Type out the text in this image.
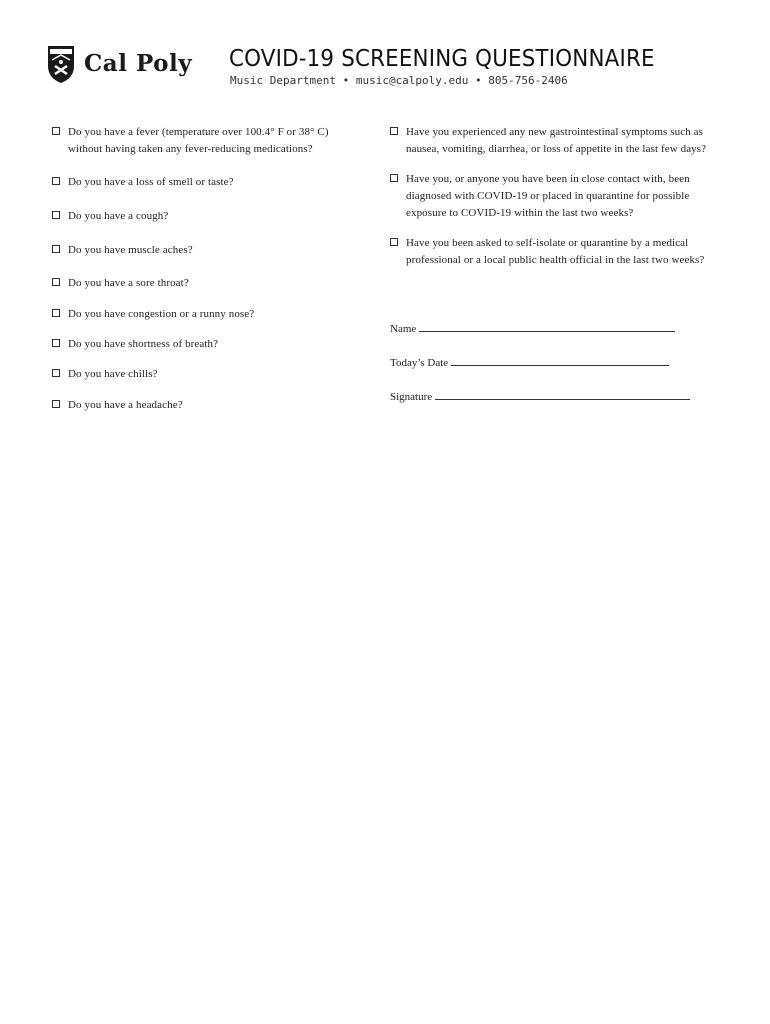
Cal Poly COVID-19 SCREENING QUESTIONNAIRE
Music Department • music@calpoly.edu • 805-756-2406
Do you have a fever (temperature over 100.4° F or 38° C) without having taken any fever-reducing medications?
Do you have a loss of smell or taste?
Do you have a cough?
Do you have muscle aches?
Do you have a sore throat?
Do you have congestion or a runny nose?
Do you have shortness of breath?
Do you have chills?
Do you have a headache?
Have you experienced any new gastrointestinal symptoms such as nausea, vomiting, diarrhea, or loss of appetite in the last few days?
Have you, or anyone you have been in close contact with, been diagnosed with COVID-19 or placed in quarantine for possible exposure to COVID-19 within the last two weeks?
Have you been asked to self-isolate or quarantine by a medical professional or a local public health official in the last two weeks?
Name
Today’s Date
Signature
